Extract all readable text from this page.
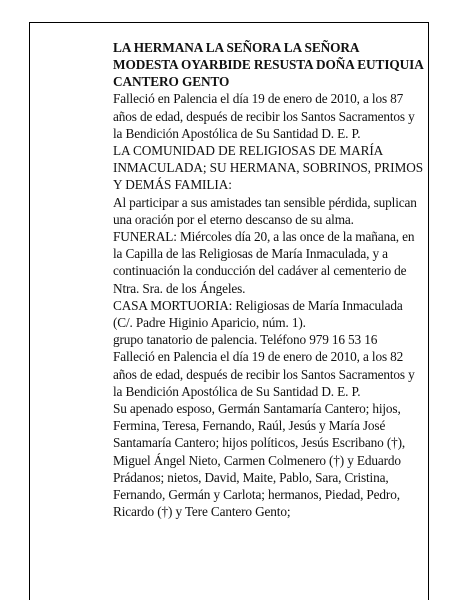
LA HERMANA LA SEÑORA LA SEÑORA MODESTA OYARBIDE RESUSTA DOÑA EUTIQUIA CANTERO GENTO

Falleció en Palencia el día 19 de enero de 2010, a los 87 años de edad, después de recibir los Santos Sacramentos y la Bendición Apostólica de Su Santidad D. E. P.

LA COMUNIDAD DE RELIGIOSAS DE MARÍA INMACULADA; SU HERMANA, SOBRINOS, PRIMOS Y DEMÁS FAMILIA:

Al participar a sus amistades tan sensible pérdida, suplican una oración por el eterno descanso de su alma.

FUNERAL: Miércoles día 20, a las once de la mañana, en la Capilla de las Religiosas de María Inmaculada, y a continuación la conducción del cadáver al cementerio de Ntra. Sra. de los Ángeles.

CASA MORTUORIA: Religiosas de María Inmaculada (C/. Padre Higinio Aparicio, núm. 1).

grupo tanatorio de palencia. Teléfono 979 16 53 16

Falleció en Palencia el día 19 de enero de 2010, a los 82 años de edad, después de recibir los Santos Sacramentos y la Bendición Apostólica de Su Santidad D. E. P.

Su apenado esposo, Germán Santamaría Cantero; hijos, Fermina, Teresa, Fernando, Raúl, Jesús y María José Santamaría Cantero; hijos políticos, Jesús Escribano (†), Miguel Ángel Nieto, Carmen Colmenero (†) y Eduardo Prádanos; nietos, David, Maite, Pablo, Sara, Cristina, Fernando, Germán y Carlota; hermanos, Piedad, Pedro, Ricardo (†) y Tere Cantero Gento;
